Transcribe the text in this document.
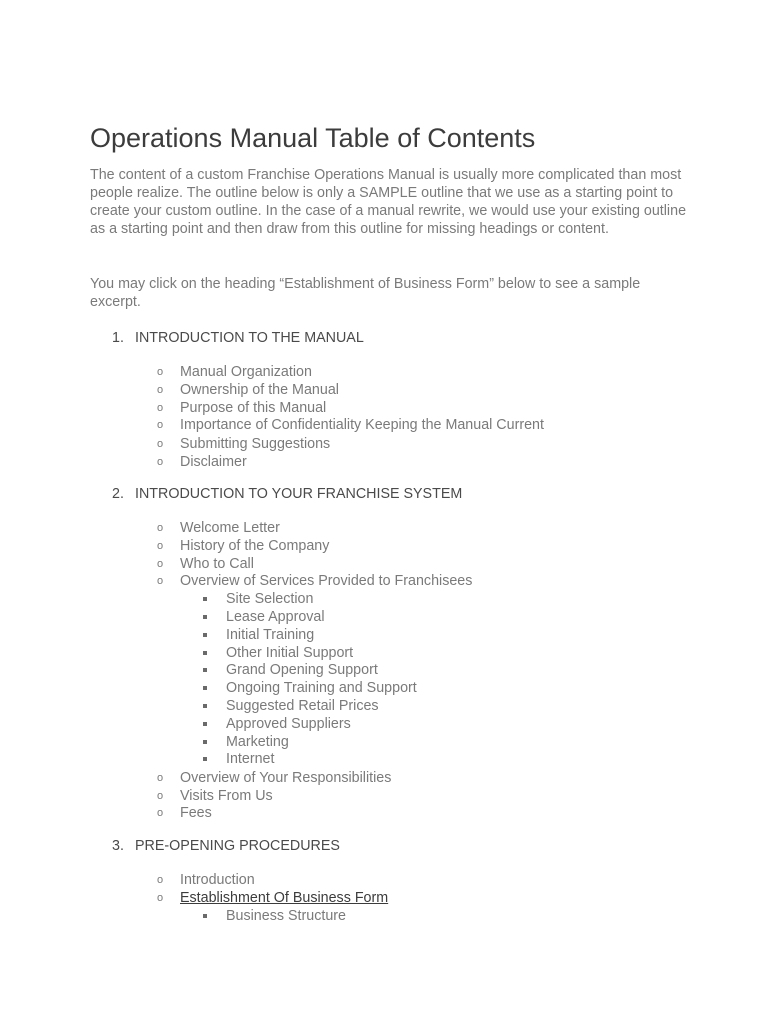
Operations Manual Table of Contents

The content of a custom Franchise Operations Manual is usually more complicated than most people realize. The outline below is only a SAMPLE outline that we use as a starting point to create your custom outline. In the case of a manual rewrite, we would use your existing outline as a starting point and then draw from this outline for missing headings or content.

You may click on the heading “Establishment of Business Form” below to see a sample excerpt.

1. INTRODUCTION TO THE MANUAL
o Manual Organization
o Ownership of the Manual
o Purpose of this Manual
o Importance of Confidentiality Keeping the Manual Current
o Submitting Suggestions
o Disclaimer
2. INTRODUCTION TO YOUR FRANCHISE SYSTEM
o Welcome Letter
o History of the Company
o Who to Call
o Overview of Services Provided to Franchisees
Site Selection
Lease Approval
Initial Training
Other Initial Support
Grand Opening Support
Ongoing Training and Support
Suggested Retail Prices
Approved Suppliers
Marketing
Internet
o Overview of Your Responsibilities
o Visits From Us
o Fees
3. PRE-OPENING PROCEDURES
o Introduction
o Establishment Of Business Form
Business Structure
